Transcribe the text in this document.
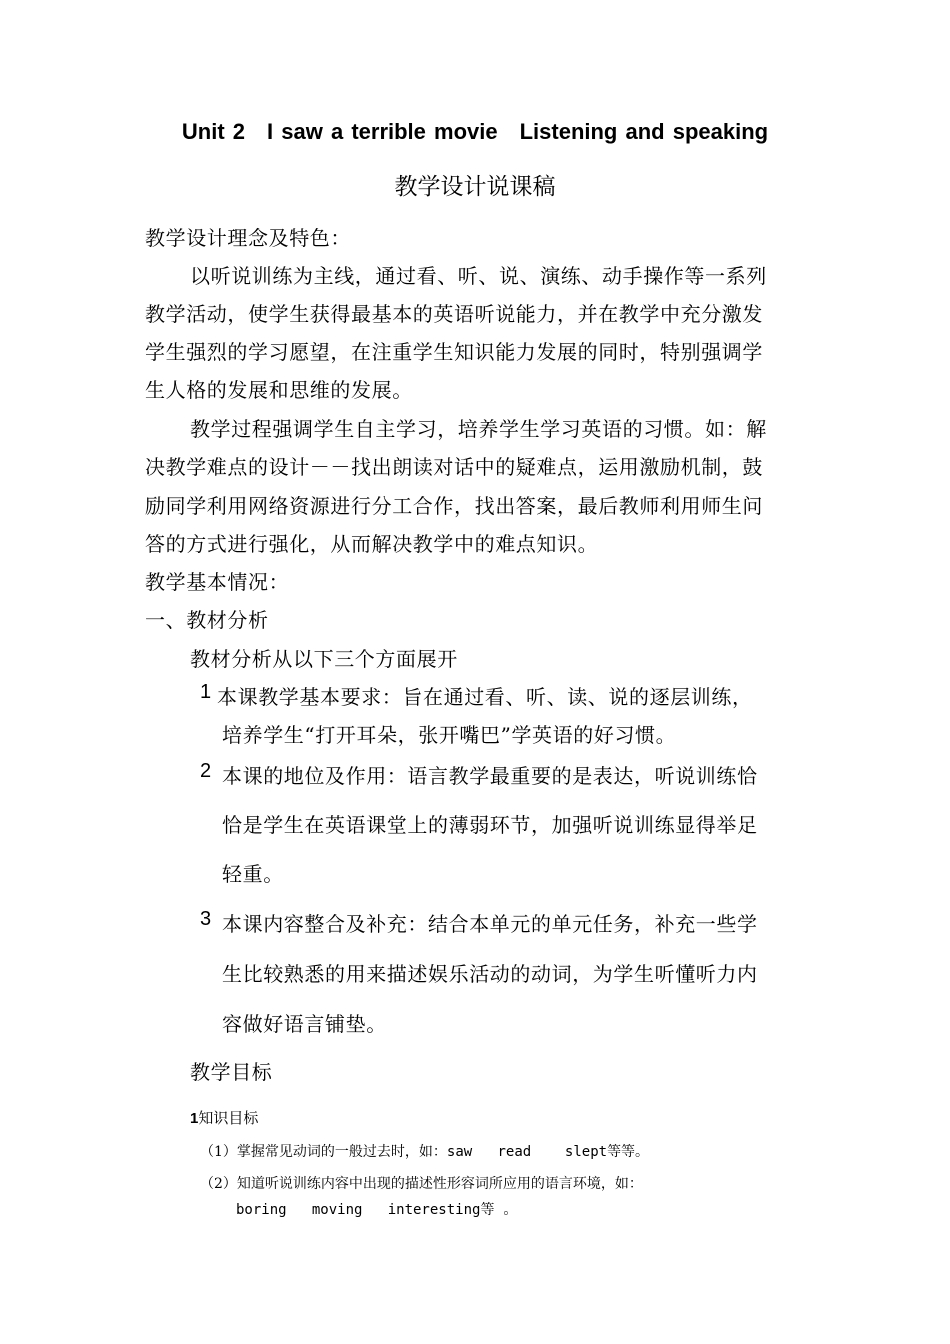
Unit 2 I saw a terrible movie Listening and speaking
教学设计说课稿
教学设计理念及特色：
以听说训练为主线，通过看、听、说、演练、动手操作等一系列
教学活动，使学生获得最基本的英语听说能力，并在教学中充分激发
学生强烈的学习愿望，在注重学生知识能力发展的同时，特别强调学
生人格的发展和思维的发展。
教学过程强调学生自主学习，培养学生学习英语的习惯。如：解
决教学难点的设计－－找出朗读对话中的疑难点，运用激励机制，鼓
励同学利用网络资源进行分工合作，找出答案，最后教师利用师生问
答的方式进行强化，从而解决教学中的难点知识。
教学基本情况：
一、教材分析
教材分析从以下三个方面展开
1 本课教学基本要求：旨在通过看、听、读、说的逐层训练，
培养学生“打开耳朵，张开嘴巴”学英语的好习惯。
2 本课的地位及作用：语言教学最重要的是表达，听说训练恰
恰是学生在英语课堂上的薄弱环节，加强听说训练显得举足
轻重。
3 本课内容整合及补充：结合本单元的单元任务，补充一些学
生比较熟悉的用来描述娱乐活动的动词，为学生听懂听力内
容做好语言铺垫。
教学目标
1知识目标
（1）掌握常见动词的一般过去时，如：saw   read    slept等等。
（2）知道听说训练内容中出现的描述性形容词所应用的语言环境，如：
boring   moving   interesting等  。
